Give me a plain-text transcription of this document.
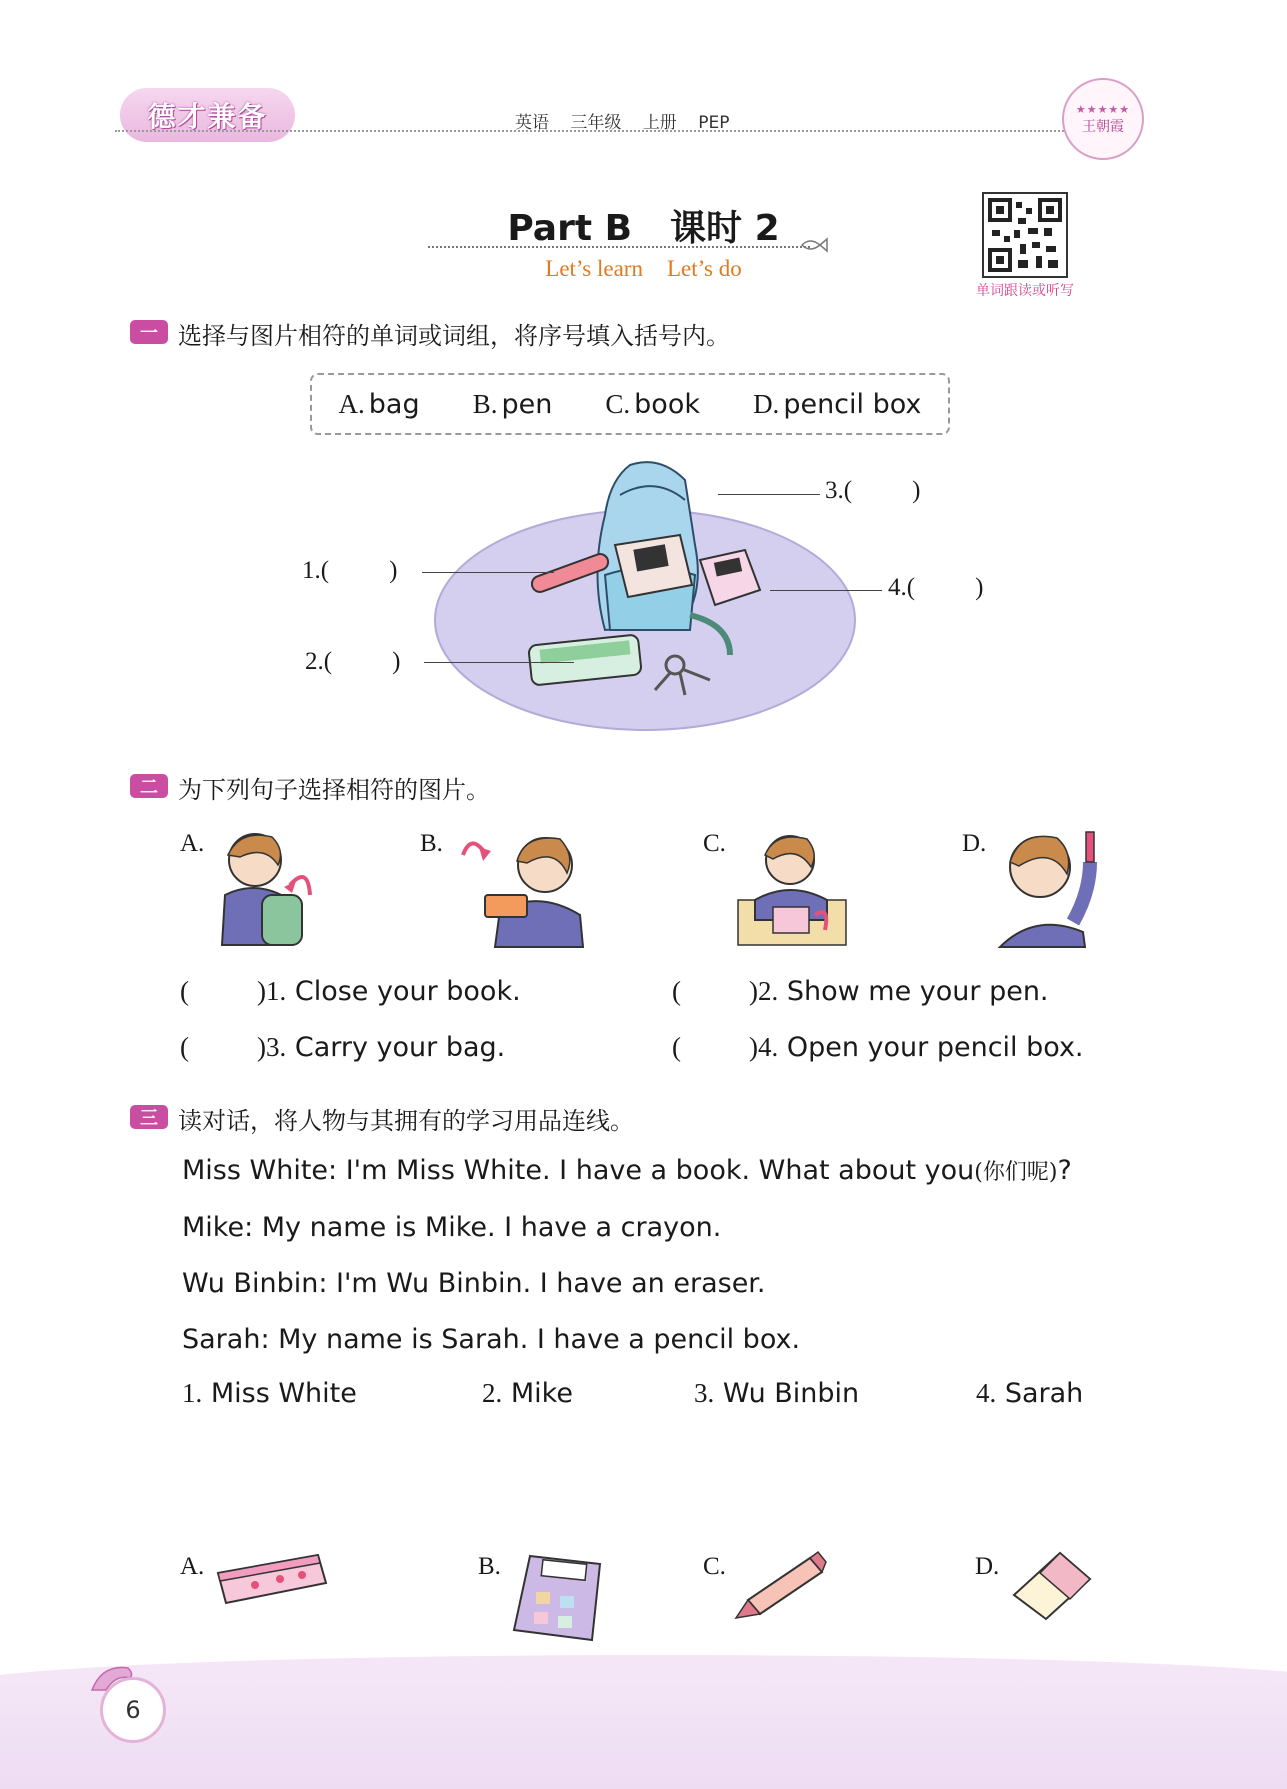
德才兼备	英语 三年级 上册 PEP
★★★★★
王朝霞
Part B 课时 2
Let’s learn Let’s do
单词跟读或听写
一 选择与图片相符的单词或词组，将序号填入括号内。
A. bag B. pen C. book D. pencil box
1.( )
2.( )
3.( )
4.( )
二 为下列句子选择相符的图片。
A.	B.	C.	D.
(	)1. Close your book.	(	)2. Show me your pen.
(	)3. Carry your bag.	(	)4. Open your pencil box.
三 读对话，将人物与其拥有的学习用品连线。
Miss White: I'm Miss White. I have a book. What about you(你们呢)?
Mike: My name is Mike. I have a crayon.
Wu Binbin: I'm Wu Binbin. I have an eraser.
Sarah: My name is Sarah. I have a pencil box.
1. Miss White	2. Mike	3. Wu Binbin	4. Sarah
A.	B.	C.	D.
6
